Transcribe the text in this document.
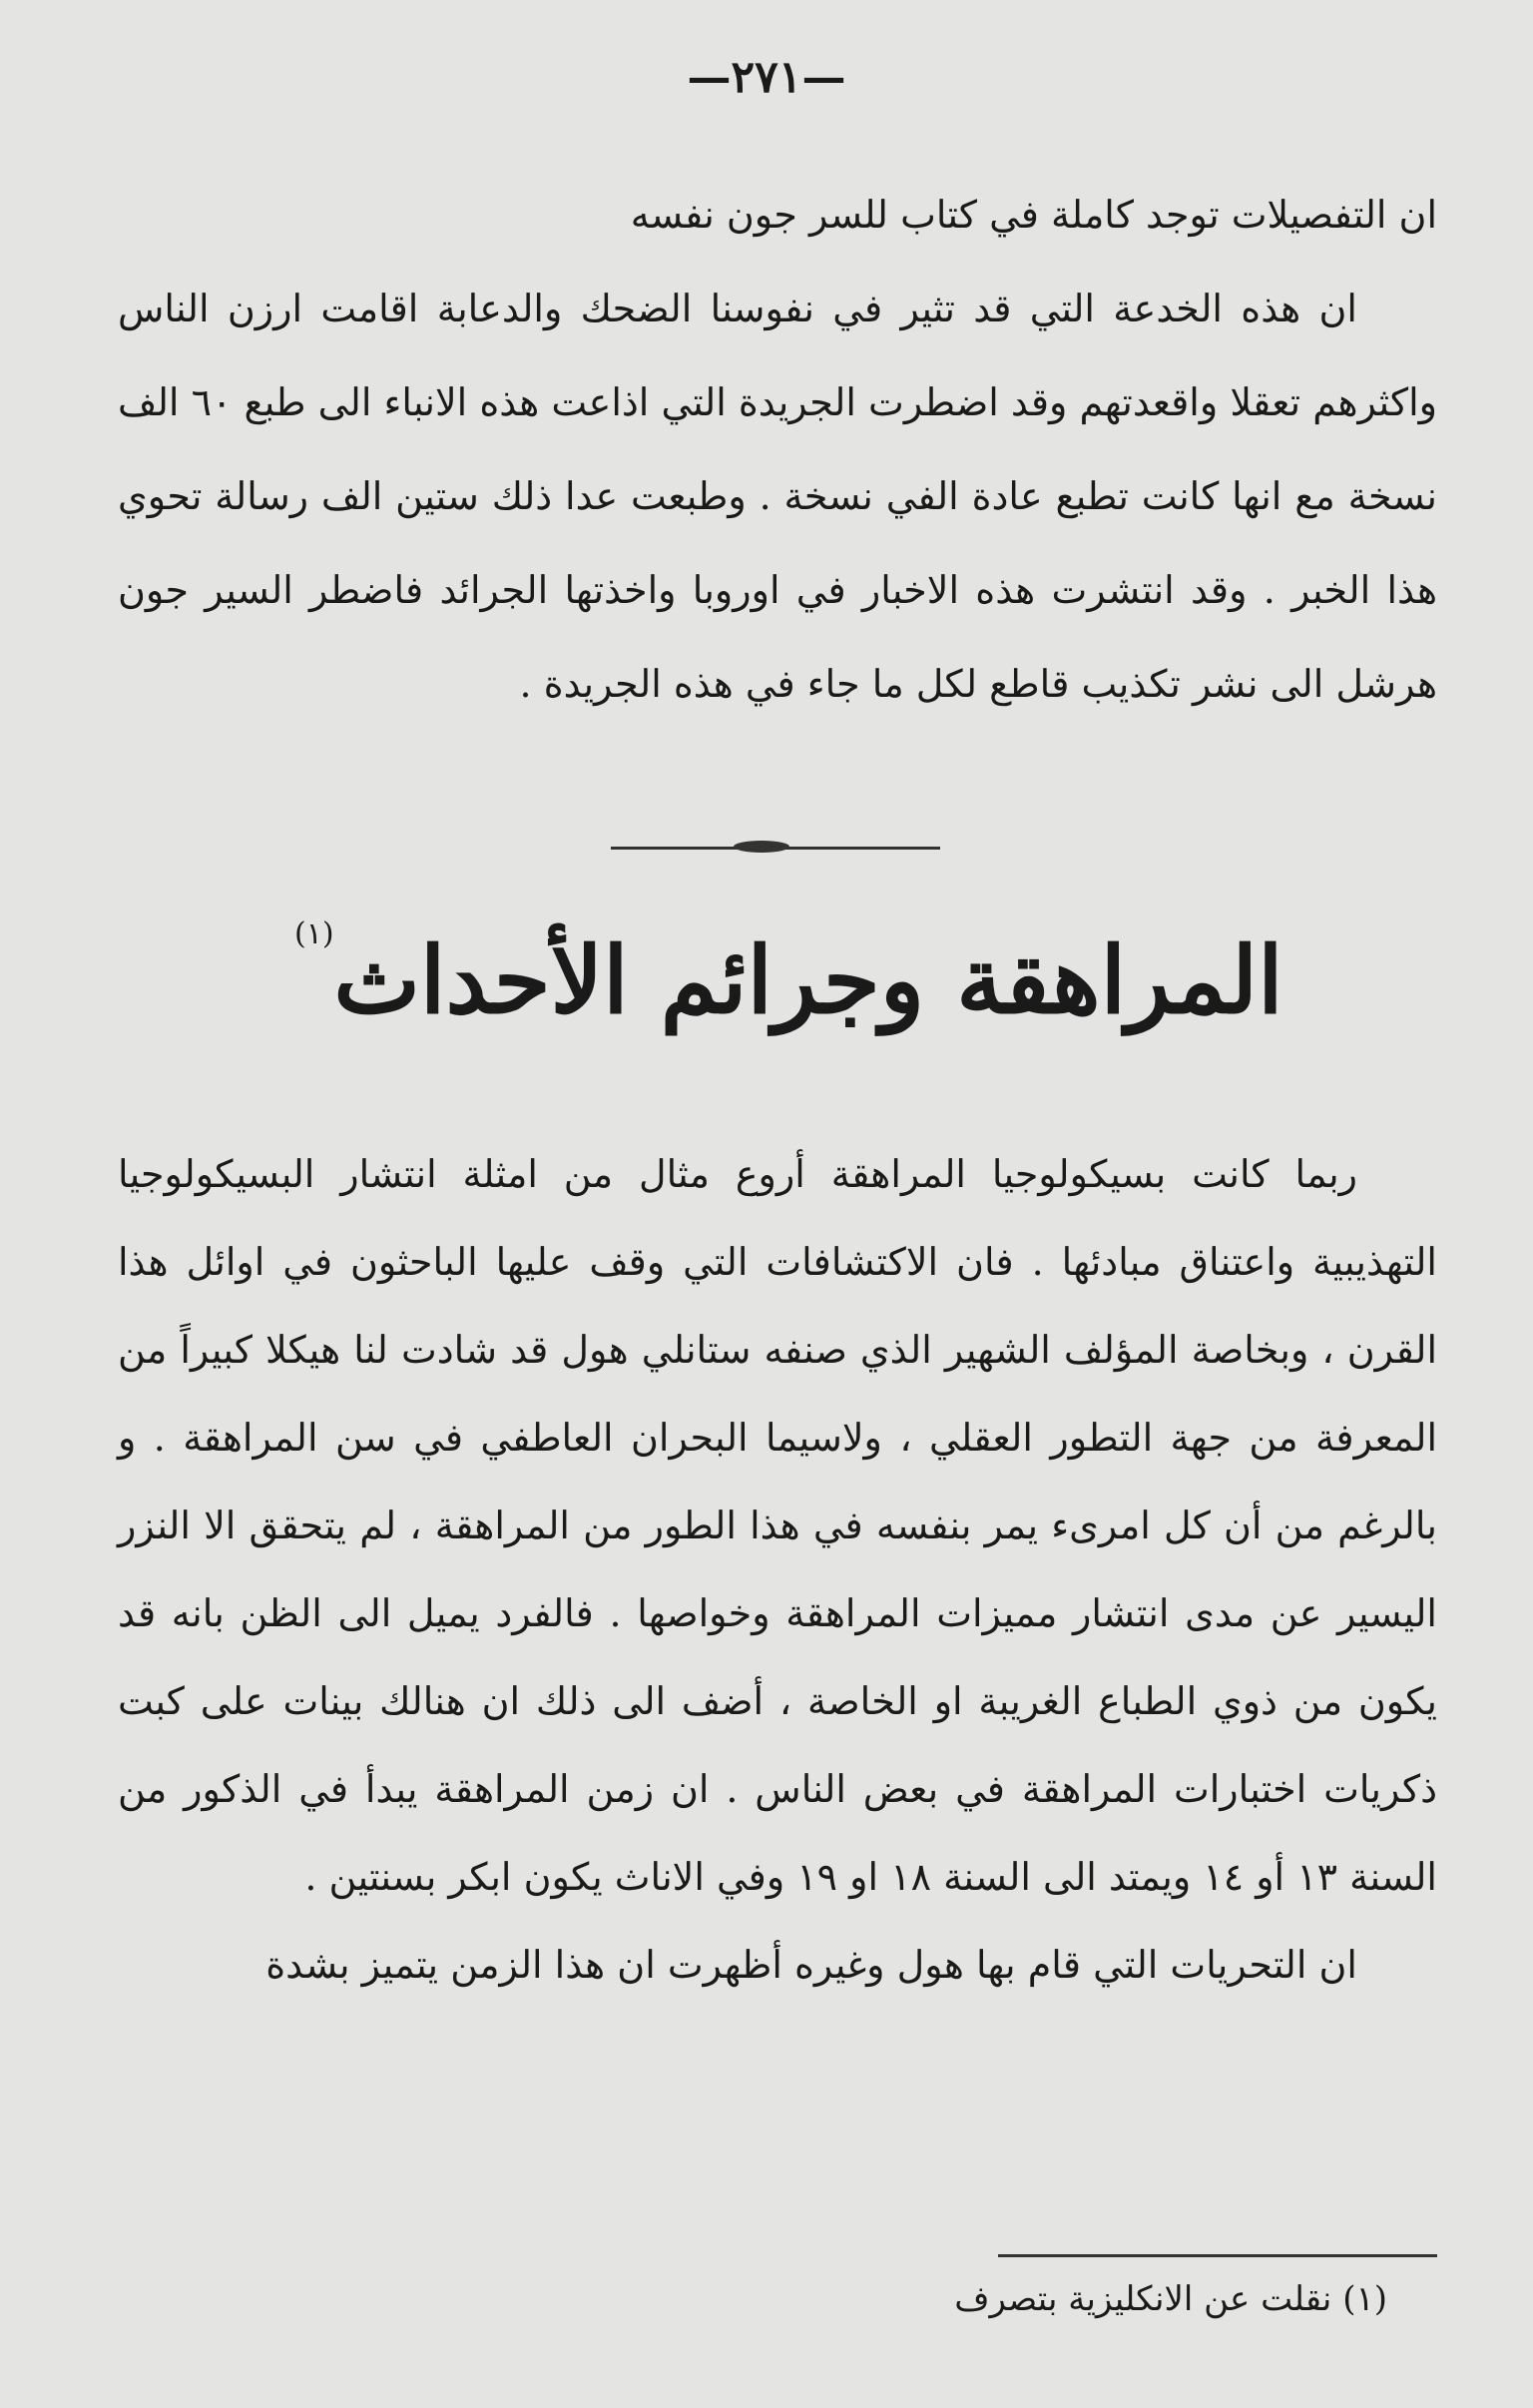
—٢٧١—

ان التفصيلات توجد كاملة في كتاب للسر جون نفسه

ان هذه الخدعة التي قد تثير في نفوسنا الضحك والدعابة اقامت ارزن الناس واكثرهم تعقلا واقعدتهم وقد اضطرت الجريدة التي اذاعت هذه الانباء الى طبع ٦٠ الف نسخة مع انها كانت تطبع عادة الفي نسخة . وطبعت عدا ذلك ستين الف رسالة تحوي هذا الخبر . وقد انتشرت هذه الاخبار في اوروبا واخذتها الجرائد فاضطر السير جون هرشل الى نشر تكذيب قاطع لكل ما جاء في هذه الجريدة .

المراهقة وجرائم الأحداث
(١)

ربما كانت بسيكولوجيا المراهقة أروع مثال من امثلة انتشار البسيكولوجيا التهذيبية واعتناق مبادئها . فان الاكتشافات التي وقف عليها الباحثون في اوائل هذا القرن ، وبخاصة المؤلف الشهير الذي صنفه ستانلي هول قد شادت لنا هيكلا كبيراً من المعرفة من جهة التطور العقلي ، ولاسيما البحران العاطفي في سن المراهقة . و بالرغم من أن كل امرىء يمر بنفسه في هذا الطور من المراهقة ، لم يتحقق الا النزر اليسير عن مدى انتشار مميزات المراهقة وخواصها . فالفرد يميل الى الظن بانه قد يكون من ذوي الطباع الغريبة او الخاصة ، أضف الى ذلك ان هنالك بينات على كبت ذكريات اختبارات المراهقة في بعض الناس . ان زمن المراهقة يبدأ في الذكور من السنة ١٣ أو ١٤ ويمتد الى السنة ١٨ او ١٩ وفي الاناث يكون ابكر بسنتين .

ان التحريات التي قام بها هول وغيره أظهرت ان هذا الزمن يتميز بشدة

(١) نقلت عن الانكليزية بتصرف
